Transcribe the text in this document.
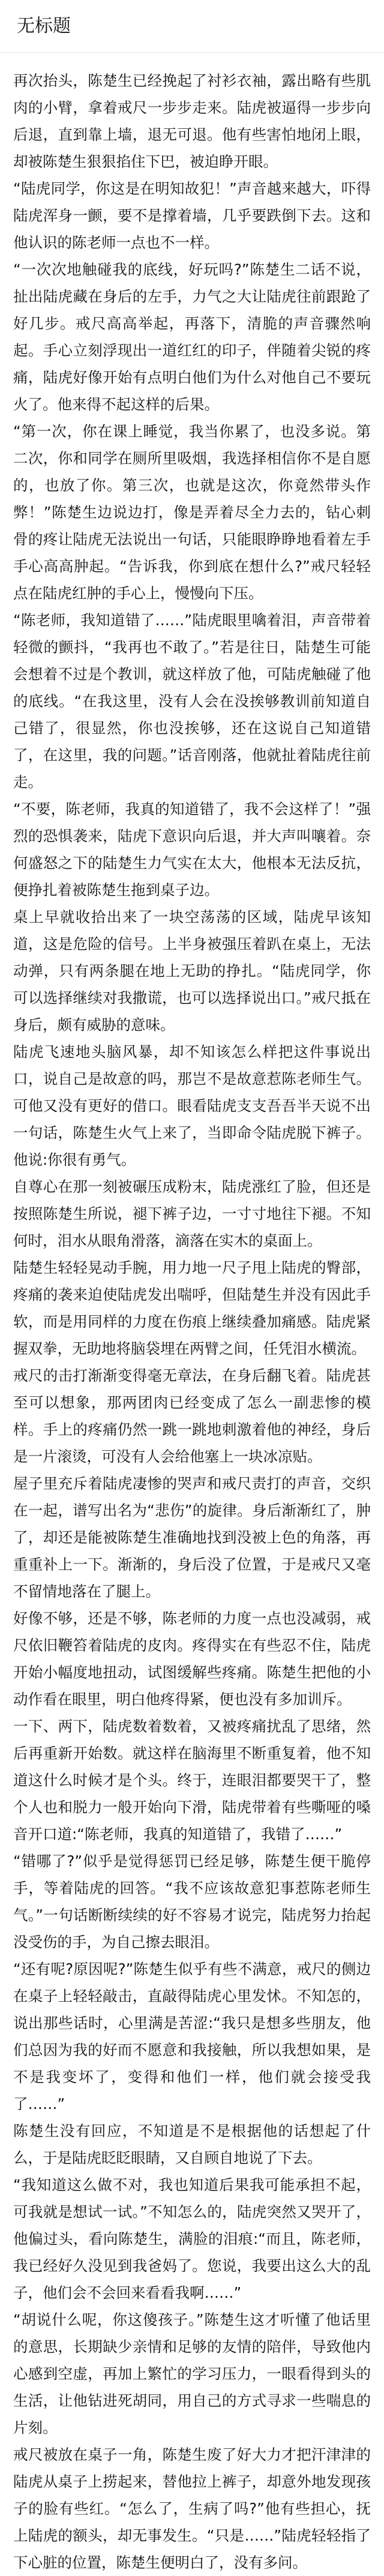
无标题

再次抬头，陈楚生已经挽起了衬衫衣袖，露出略有些肌肉的小臂，拿着戒尺一步步走来。陆虎被逼得一步步向后退，直到靠上墙，退无可退。他有些害怕地闭上眼，却被陈楚生狠狠掐住下巴，被迫睁开眼。

“陆虎同学，你这是在明知故犯！”声音越来越大，吓得陆虎浑身一颤，要不是撑着墙，几乎要跌倒下去。这和他认识的陈老师一点也不一样。

“一次次地触碰我的底线，好玩吗?”陈楚生二话不说，扯出陆虎藏在身后的左手，力气之大让陆虎往前跟跄了好几步。戒尺高高举起，再落下，清脆的声音骤然响起。手心立刻浮现出一道红红的印子，伴随着尖锐的疼痛，陆虎好像开始有点明白他们为什么对他自己不要玩火了。他来得不起这样的后果。

“第一次，你在课上睡觉，我当你累了，也没多说。第二次，你和同学在厕所里吸烟，我选择相信你不是自愿的，也放了你。第三次，也就是这次，你竟然带头作弊！”陈楚生边说边打，像是弄着尽全力去的，钻心刺骨的疼让陆虎无法说出一句话，只能眼睁睁地看着左手手心高高肿起。“告诉我，你到底在想什么?”戒尺轻轻点在陆虎红肿的手心上，慢慢向下压。

“陈老师，我知道错了……”陆虎眼里噙着泪，声音带着轻微的颤抖，“我再也不敢了。”若是往日，陆楚生可能会想着不过是个教训，就这样放了他，可陆虎触碰了他的底线。“在我这里，没有人会在没挨够教训前知道自己错了，很显然，你也没挨够，还在这说自己知道错了，在这里，我的问题。”话音刚落，他就扯着陆虎往前走。

“不要，陈老师，我真的知道错了，我不会这样了！”强烈的恐惧袭来，陆虎下意识向后退，并大声叫嚷着。奈何盛怒之下的陆楚生力气实在太大，他根本无法反抗，便挣扎着被陈楚生拖到桌子边。

桌上早就收拾出来了一块空荡荡的区域，陆虎早该知道，这是危险的信号。上半身被强压着趴在桌上，无法动弹，只有两条腿在地上无助的挣扎。“陆虎同学，你可以选择继续对我撒谎，也可以选择说出口。”戒尺抵在身后，颇有威胁的意味。

陆虎飞速地头脑风暴，却不知该怎么样把这件事说出口，说自己是故意的吗，那岂不是故意惹陈老师生气。可他又没有更好的借口。眼看陆虎支支吾吾半天说不出一句话，陈楚生火气上来了，当即命令陆虎脱下裤子。他说:你很有勇气。

自尊心在那一刻被碾压成粉末，陆虎涨红了脸，但还是按照陈楚生所说，褪下裤子边，一寸寸地往下褪。不知何时，泪水从眼角滑落，滴落在实木的桌面上。

陆楚生轻轻晃动手腕，用力地一尺子甩上陆虎的臀部，疼痛的袭来迫使陆虎发出喘呼，但陆楚生并没有因此手软，而是用同样的力度在伤痕上继续叠加痛感。陆虎紧握双拳，无助地将脑袋埋在两臂之间，任凭泪水横流。

戒尺的击打渐渐变得毫无章法，在身后翻飞着。陆虎甚至可以想象，那两团肉已经变成了怎么一副悲惨的模样。手上的疼痛仍然一跳一跳地刺激着他的神经，身后是一片滚烫，可没有人会给他塞上一块冰凉贴。

屋子里充斥着陆虎凄惨的哭声和戒尺责打的声音，交织在一起，谱写出名为“悲伤”的旋律。身后渐渐红了，肿了，却还是能被陈楚生准确地找到没被上色的角落，再重重补上一下。渐渐的，身后没了位置，于是戒尺又毫不留情地落在了腿上。

好像不够，还是不够，陈老师的力度一点也没减弱，戒尺依旧鞭笞着陆虎的皮肉。疼得实在有些忍不住，陆虎开始小幅度地扭动，试图缓解些疼痛。陈楚生把他的小动作看在眼里，明白他疼得紧，便也没有多加训斥。

一下、两下，陆虎数着数着，又被疼痛扰乱了思绪，然后再重新开始数。就这样在脑海里不断重复着，他不知道这什么时候才是个头。终于，连眼泪都要哭干了，整个人也和脱力一般开始向下滑，陆虎带着有些嘶哑的嗓音开口道:“陈老师，我真的知道错了，我错了……”

“错哪了?”似乎是觉得惩罚已经足够，陈楚生便干脆停手，等着陆虎的回答。“我不应该故意犯事惹陈老师生气。”一句话断断续续的好不容易才说完，陆虎努力抬起没受伤的手，为自己擦去眼泪。

“还有呢?原因呢?”陈楚生似乎有些不满意，戒尺的侧边在桌子上轻轻敲击，直敲得陆虎心里发怵。不知怎的，说出那些话时，心里满是苦涩:“我只是想多些朋友，他们总因为我的好而不愿意和我接触，所以我想如果，是不是我变坏了，变得和他们一样，他们就会接受我了……”

陈楚生没有回应，不知道是不是根据他的话想起了什么，于是陆虎眨眨眼睛，又自顾自地说了下去。

“我知道这么做不对，我也知道后果我可能承担不起，可我就是想试一试。”不知怎么的，陆虎突然又哭开了，他偏过头，看向陈楚生，满脸的泪痕:“而且，陈老师，我已经好久没见到我爸妈了。您说，我要出这么大的乱子，他们会不会回来看看我啊……”

“胡说什么呢，你这傻孩子。”陈楚生这才听懂了他话里的意思，长期缺少亲情和足够的友情的陪伴，导致他内心感到空虚，再加上繁忙的学习压力，一眼看得到头的生活，让他钻进死胡同，用自己的方式寻求一些喘息的片刻。

戒尺被放在桌子一角，陈楚生废了好大力才把汗津津的陆虎从桌子上捞起来，替他拉上裤子，却意外地发现孩子的脸有些红。“怎么了，生病了吗?”他有些担心，抚上陆虎的额头，却无事发生。“只是……”陆虎轻轻指了下心脏的位置，陈楚生便明白了，没有多问。
